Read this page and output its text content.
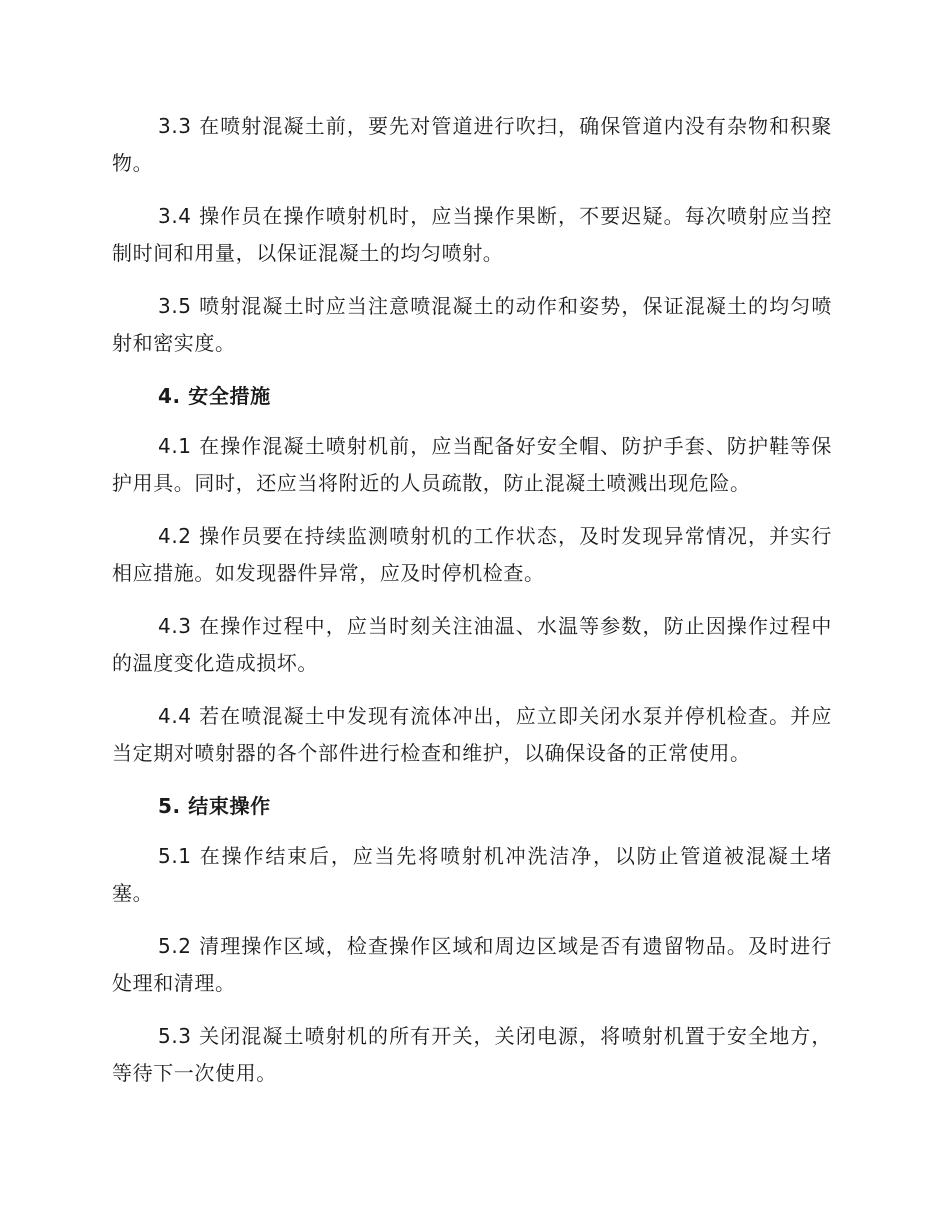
3.3 在喷射混凝土前，要先对管道进行吹扫，确保管道内没有杂物和积聚物。

3.4 操作员在操作喷射机时，应当操作果断，不要迟疑。每次喷射应当控制时间和用量，以保证混凝土的均匀喷射。

3.5 喷射混凝土时应当注意喷混凝土的动作和姿势，保证混凝土的均匀喷射和密实度。

4. 安全措施

4.1 在操作混凝土喷射机前，应当配备好安全帽、防护手套、防护鞋等保护用具。同时，还应当将附近的人员疏散，防止混凝土喷溅出现危险。

4.2 操作员要在持续监测喷射机的工作状态，及时发现异常情况，并实行相应措施。如发现器件异常，应及时停机检查。

4.3 在操作过程中，应当时刻关注油温、水温等参数，防止因操作过程中的温度变化造成损坏。

4.4 若在喷混凝土中发现有流体冲出，应立即关闭水泵并停机检查。并应当定期对喷射器的各个部件进行检查和维护，以确保设备的正常使用。

5. 结束操作

5.1 在操作结束后，应当先将喷射机冲洗洁净，以防止管道被混凝土堵塞。

5.2 清理操作区域，检查操作区域和周边区域是否有遗留物品。及时进行处理和清理。

5.3 关闭混凝土喷射机的所有开关，关闭电源，将喷射机置于安全地方，等待下一次使用。
